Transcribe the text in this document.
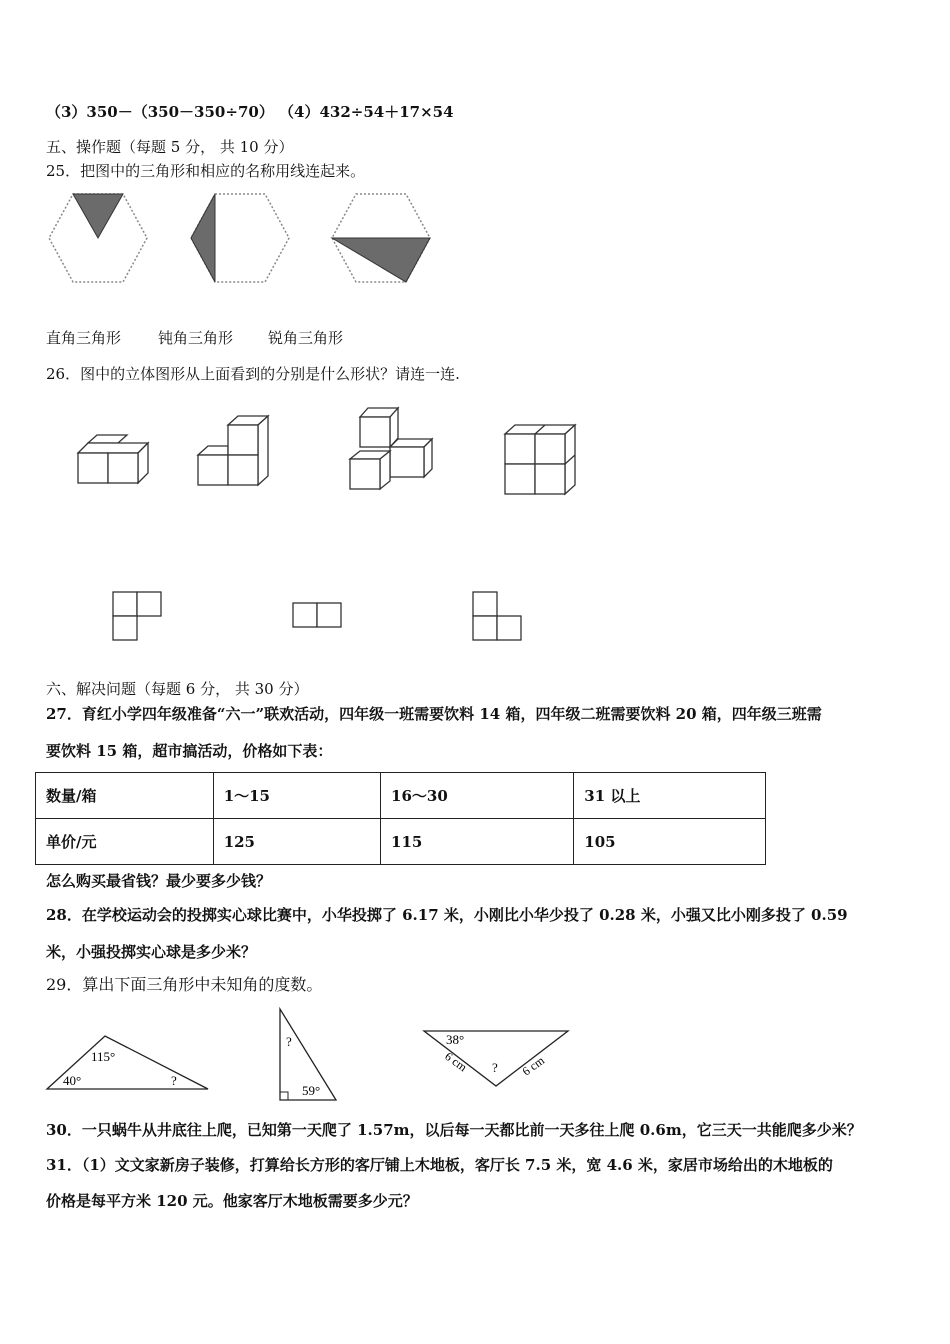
（3）350－（350－350÷70） （4）432÷54＋17×54
五、操作题（每题 5 分， 共 10 分）
25．把图中的三角形和相应的名称用线连起来。
直角三角形 钝角三角形 锐角三角形
26．图中的立体图形从上面看到的分别是什么形状？请连一连.
六、解决问题（每题 6 分， 共 30 分）
27．育红小学四年级准备“六一”联欢活动，四年级一班需要饮料 14 箱，四年级二班需要饮料 20 箱，四年级三班需
要饮料 15 箱，超市搞活动，价格如下表：
数量/箱	1～15	16～30	31 以上
单价/元	125	115	105
怎么购买最省钱？最少要多少钱？
28．在学校运动会的投掷实心球比赛中，小华投掷了 6.17 米，小刚比小华少投了 0.28 米，小强又比小刚多投了 0.59
米，小强投掷实心球是多少米？
29．算出下面三角形中未知角的度数。
115°
40°	?
?
59°
38°
6 cm	6 cm
?
30．一只蜗牛从井底往上爬，已知第一天爬了 1.57m，以后每一天都比前一天多往上爬 0.6m，它三天一共能爬多少米？
31．（1）文文家新房子装修，打算给长方形的客厅铺上木地板，客厅长 7.5 米，宽 4.6 米，家居市场给出的木地板的
价格是每平方米 120 元。他家客厅木地板需要多少元？
